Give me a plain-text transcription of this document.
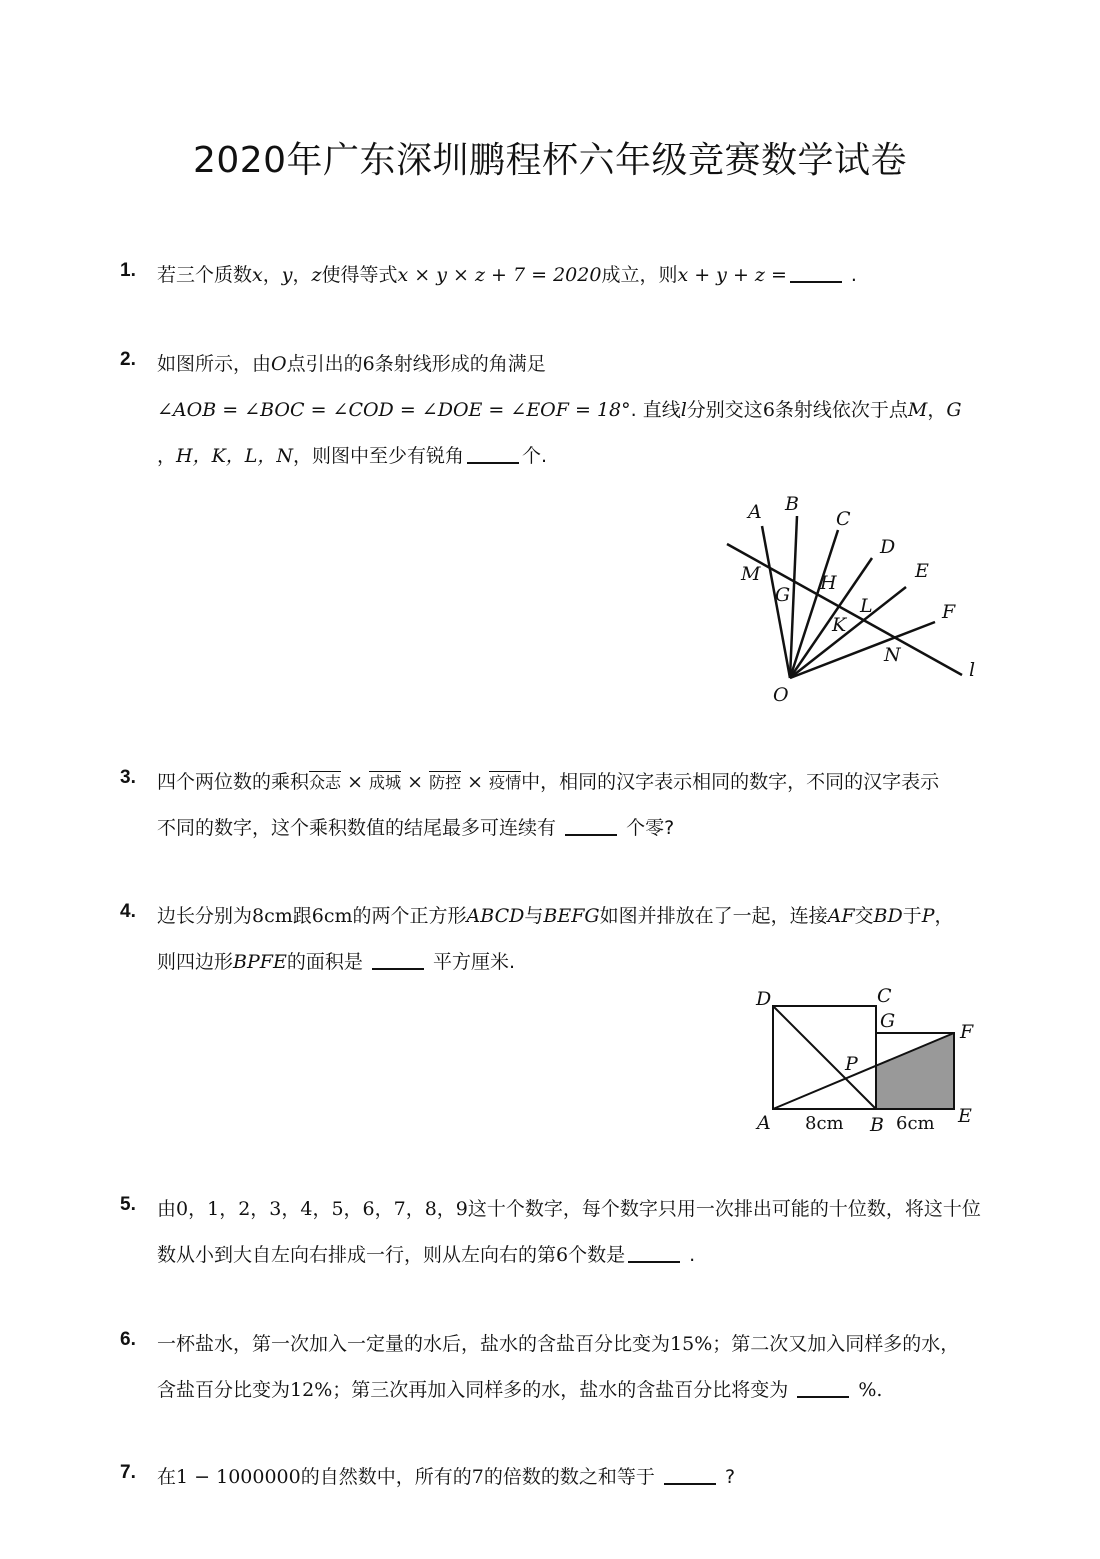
2020年广东深圳鹏程杯六年级竞赛数学试卷
1. 若三个质数x，y，z使得等式x × y × z + 7 = 2020成立，则x + y + z =	.
2. 如图所示，由O点引出的6条射线形成的角满足
∠AOB = ∠BOC = ∠COD = ∠DOE = ∠EOF = 18°. 直线l分别交这6条射线依次于点M，G
，H，K，L，N，则图中至少有锐角	个.
A B
C
D
E
F
O
M
G
H
K
L
N
l
3. 四个两位数的乘积众志 × 成城 × 防控 × 疫情中，相同的汉字表示相同的数字，不同的汉字表示
不同的数字，这个乘积数值的结尾最多可连续有	个零?
4. 边长分别为8cm跟6cm的两个正方形ABCD与BEFG如图并排放在了一起，连接AF交BD于P，
则四边形BPFE的面积是	平方厘米.
D	C
G	F
P
A	B	E
8cm	6cm
5. 由0，1，2，3，4，5，6，7，8，9这十个数字，每个数字只用一次排出可能的十位数，将这十位
数从小到大自左向右排成一行，则从左向右的第6个数是	.
6. 一杯盐水，第一次加入一定量的水后，盐水的含盐百分比变为15%；第二次又加入同样多的水，
含盐百分比变为12%；第三次再加入同样多的水，盐水的含盐百分比将变为	%.
7. 在1 − 1000000的自然数中，所有的7的倍数的数之和等于	?
